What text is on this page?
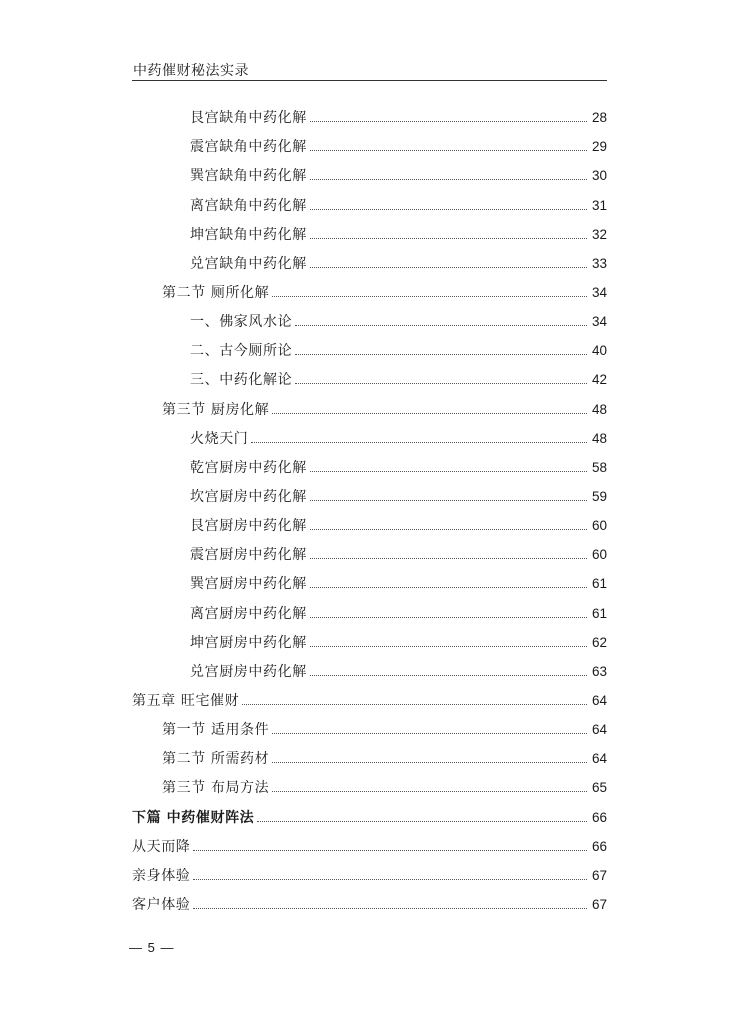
中药催财秘法实录
艮宫缺角中药化解	28
震宫缺角中药化解	29
巽宫缺角中药化解	30
离宫缺角中药化解	31
坤宫缺角中药化解	32
兑宫缺角中药化解	33
第二节 厕所化解	34
一、佛家风水论	34
二、古今厕所论	40
三、中药化解论	42
第三节 厨房化解	48
火烧天门	48
乾宫厨房中药化解	58
坎宫厨房中药化解	59
艮宫厨房中药化解	60
震宫厨房中药化解	60
巽宫厨房中药化解	61
离宫厨房中药化解	61
坤宫厨房中药化解	62
兑宫厨房中药化解	63
第五章 旺宅催财	64
第一节 适用条件	64
第二节 所需药材	64
第三节 布局方法	65
下篇 中药催财阵法	66
从天而降	66
亲身体验	67
客户体验	67
— 5 —
